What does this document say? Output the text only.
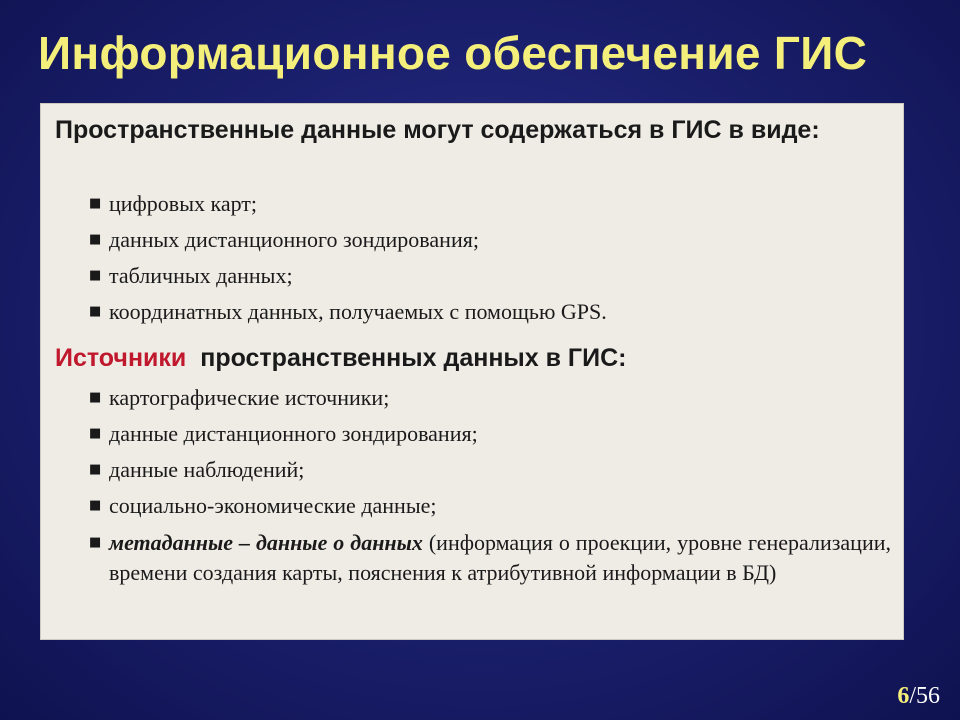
Информационное обеспечение ГИС
Пространственные данные могут содержаться в ГИС в виде:
■ цифровых карт;
■ данных дистанционного зондирования;
■ табличных данных;
■ координатных данных, получаемых с помощью GPS.
Источники пространственных данных в ГИС:
■ картографические источники;
■ данные дистанционного зондирования;
■ данные наблюдений;
■ социально-экономические данные;
■ метаданные – данные о данных (информация о проекции, уровне генерализации, времени создания карты, пояснения к атрибутивной информации в БД)
6/56
